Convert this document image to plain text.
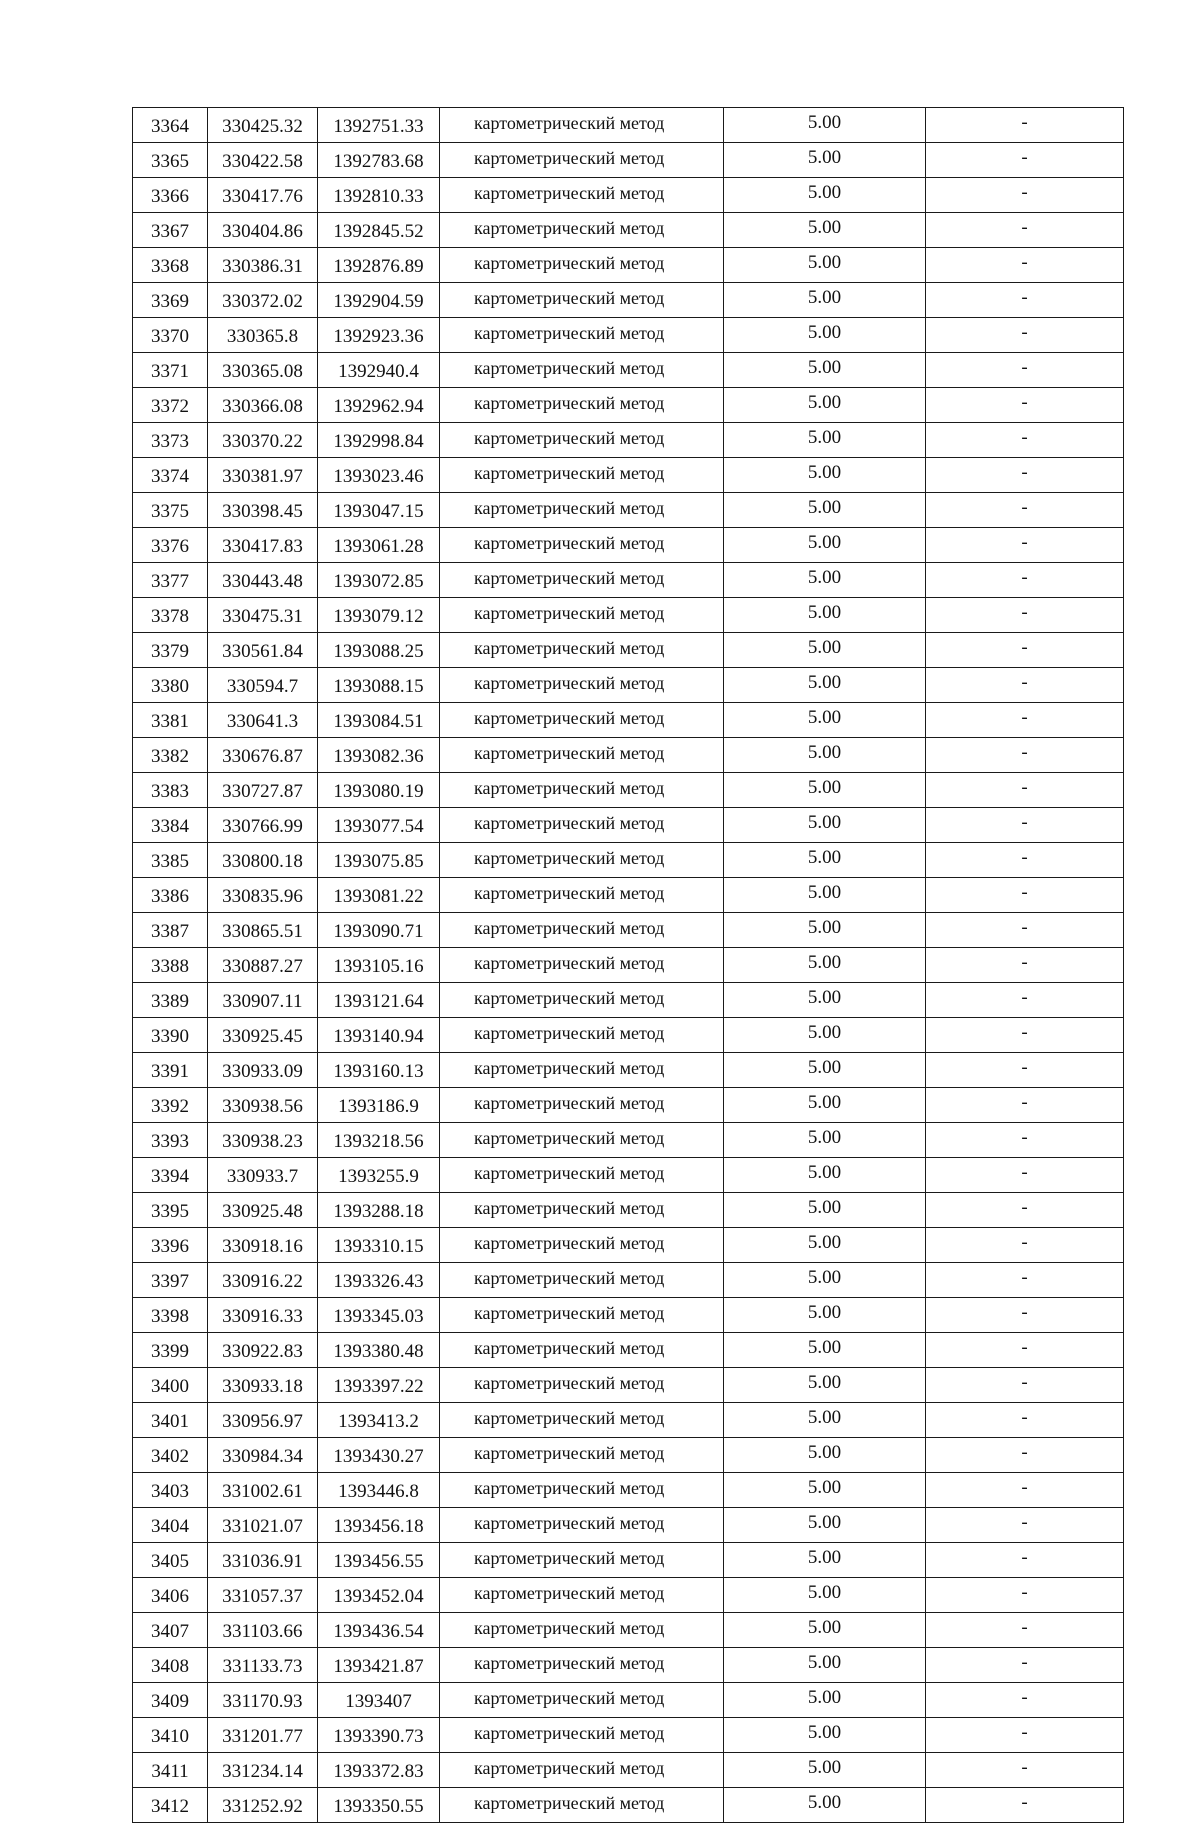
3364	330425.32	1392751.33	картометрический метод	5.00	-
3365	330422.58	1392783.68	картометрический метод	5.00	-
3366	330417.76	1392810.33	картометрический метод	5.00	-
3367	330404.86	1392845.52	картометрический метод	5.00	-
3368	330386.31	1392876.89	картометрический метод	5.00	-
3369	330372.02	1392904.59	картометрический метод	5.00	-
3370	330365.8	1392923.36	картометрический метод	5.00	-
3371	330365.08	1392940.4	картометрический метод	5.00	-
3372	330366.08	1392962.94	картометрический метод	5.00	-
3373	330370.22	1392998.84	картометрический метод	5.00	-
3374	330381.97	1393023.46	картометрический метод	5.00	-
3375	330398.45	1393047.15	картометрический метод	5.00	-
3376	330417.83	1393061.28	картометрический метод	5.00	-
3377	330443.48	1393072.85	картометрический метод	5.00	-
3378	330475.31	1393079.12	картометрический метод	5.00	-
3379	330561.84	1393088.25	картометрический метод	5.00	-
3380	330594.7	1393088.15	картометрический метод	5.00	-
3381	330641.3	1393084.51	картометрический метод	5.00	-
3382	330676.87	1393082.36	картометрический метод	5.00	-
3383	330727.87	1393080.19	картометрический метод	5.00	-
3384	330766.99	1393077.54	картометрический метод	5.00	-
3385	330800.18	1393075.85	картометрический метод	5.00	-
3386	330835.96	1393081.22	картометрический метод	5.00	-
3387	330865.51	1393090.71	картометрический метод	5.00	-
3388	330887.27	1393105.16	картометрический метод	5.00	-
3389	330907.11	1393121.64	картометрический метод	5.00	-
3390	330925.45	1393140.94	картометрический метод	5.00	-
3391	330933.09	1393160.13	картометрический метод	5.00	-
3392	330938.56	1393186.9	картометрический метод	5.00	-
3393	330938.23	1393218.56	картометрический метод	5.00	-
3394	330933.7	1393255.9	картометрический метод	5.00	-
3395	330925.48	1393288.18	картометрический метод	5.00	-
3396	330918.16	1393310.15	картометрический метод	5.00	-
3397	330916.22	1393326.43	картометрический метод	5.00	-
3398	330916.33	1393345.03	картометрический метод	5.00	-
3399	330922.83	1393380.48	картометрический метод	5.00	-
3400	330933.18	1393397.22	картометрический метод	5.00	-
3401	330956.97	1393413.2	картометрический метод	5.00	-
3402	330984.34	1393430.27	картометрический метод	5.00	-
3403	331002.61	1393446.8	картометрический метод	5.00	-
3404	331021.07	1393456.18	картометрический метод	5.00	-
3405	331036.91	1393456.55	картометрический метод	5.00	-
3406	331057.37	1393452.04	картометрический метод	5.00	-
3407	331103.66	1393436.54	картометрический метод	5.00	-
3408	331133.73	1393421.87	картометрический метод	5.00	-
3409	331170.93	1393407	картометрический метод	5.00	-
3410	331201.77	1393390.73	картометрический метод	5.00	-
3411	331234.14	1393372.83	картометрический метод	5.00	-
3412	331252.92	1393350.55	картометрический метод	5.00	-
